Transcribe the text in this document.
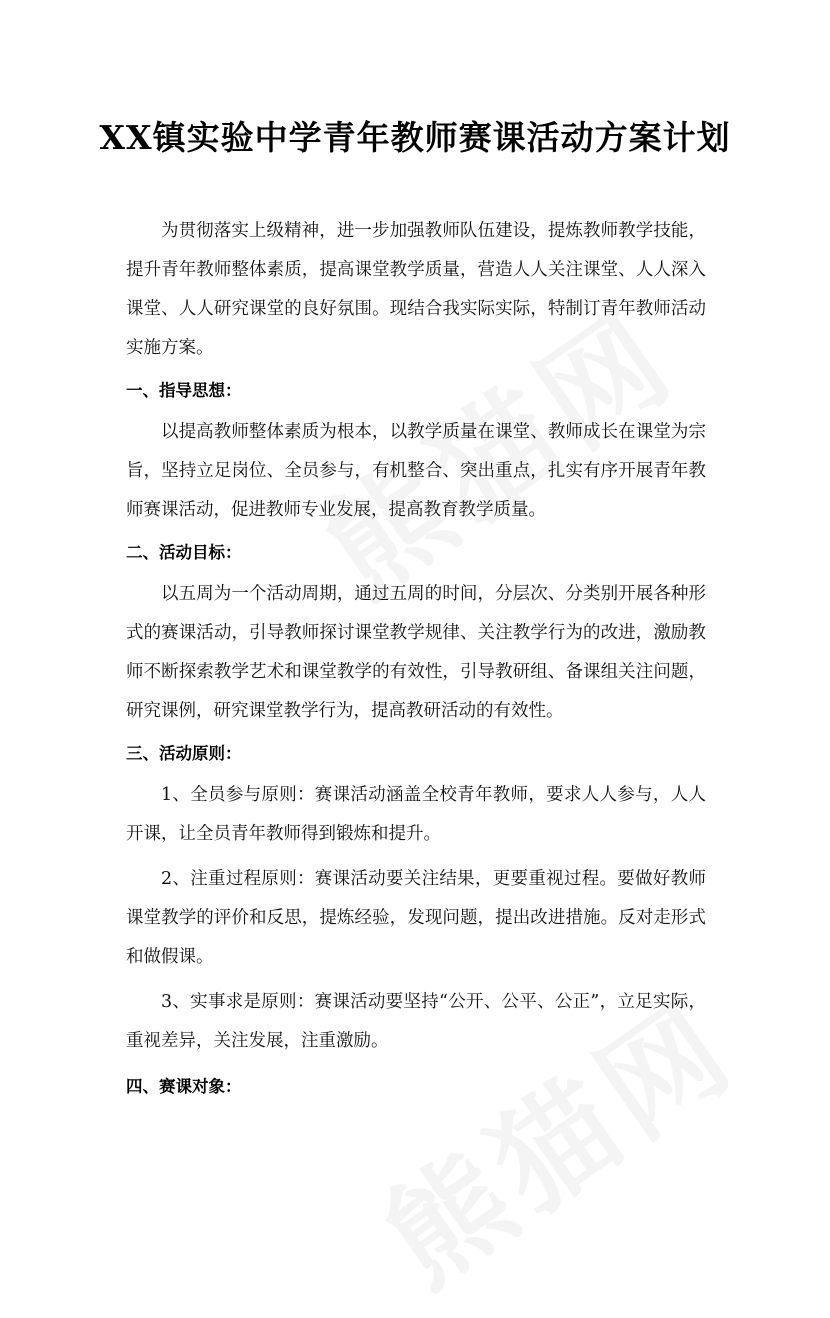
XX镇实验中学青年教师赛课活动方案计划

为贯彻落实上级精神，进一步加强教师队伍建设，提炼教师教学技能，提升青年教师整体素质，提高课堂教学质量，营造人人关注课堂、人人深入课堂、人人研究课堂的良好氛围。现结合我实际实际，特制订青年教师活动实施方案。

一、指导思想：

以提高教师整体素质为根本，以教学质量在课堂、教师成长在课堂为宗旨，坚持立足岗位、全员参与，有机整合、突出重点，扎实有序开展青年教师赛课活动，促进教师专业发展，提高教育教学质量。

二、活动目标：

以五周为一个活动周期，通过五周的时间，分层次、分类别开展各种形式的赛课活动，引导教师探讨课堂教学规律、关注教学行为的改进，激励教师不断探索教学艺术和课堂教学的有效性，引导教研组、备课组关注问题，研究课例，研究课堂教学行为，提高教研活动的有效性。

三、活动原则：

1、全员参与原则：赛课活动涵盖全校青年教师，要求人人参与，人人开课，让全员青年教师得到锻炼和提升。

2、注重过程原则：赛课活动要关注结果，更要重视过程。要做好教师课堂教学的评价和反思，提炼经验，发现问题，提出改进措施。反对走形式和做假课。

3、实事求是原则：赛课活动要坚持“公开、公平、公正”，立足实际，重视差异，关注发展，注重激励。

四、赛课对象：
